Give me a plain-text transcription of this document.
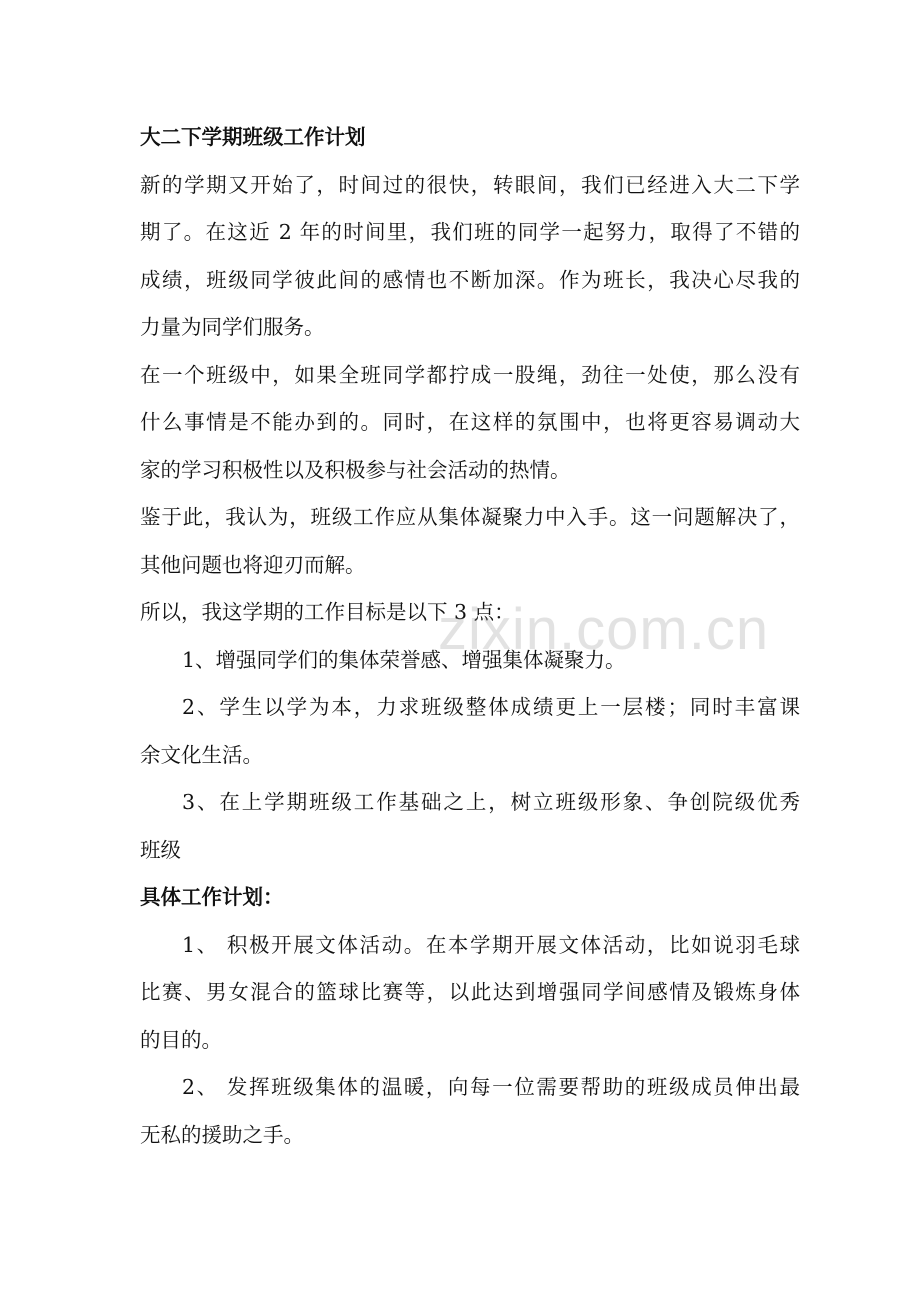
大二下学期班级工作计划
新的学期又开始了，时间过的很快，转眼间，我们已经进入大二下学
期了。在这近 2 年的时间里，我们班的同学一起努力，取得了不错的
成绩，班级同学彼此间的感情也不断加深。作为班长，我决心尽我的
力量为同学们服务。
在一个班级中，如果全班同学都拧成一股绳，劲往一处使，那么没有
什么事情是不能办到的。同时，在这样的氛围中，也将更容易调动大
家的学习积极性以及积极参与社会活动的热情。
鉴于此，我认为，班级工作应从集体凝聚力中入手。这一问题解决了，
其他问题也将迎刃而解。
所以，我这学期的工作目标是以下 3 点：
1、增强同学们的集体荣誉感、增强集体凝聚力。
2、学生以学为本，力求班级整体成绩更上一层楼；同时丰富课
余文化生活。
3、在上学期班级工作基础之上，树立班级形象、争创院级优秀
班级
具体工作计划：
1、 积极开展文体活动。在本学期开展文体活动，比如说羽毛球
比赛、男女混合的篮球比赛等，以此达到增强同学间感情及锻炼身体
的目的。
2、 发挥班级集体的温暖，向每一位需要帮助的班级成员伸出最
无私的援助之手。
zixin.com.cn
